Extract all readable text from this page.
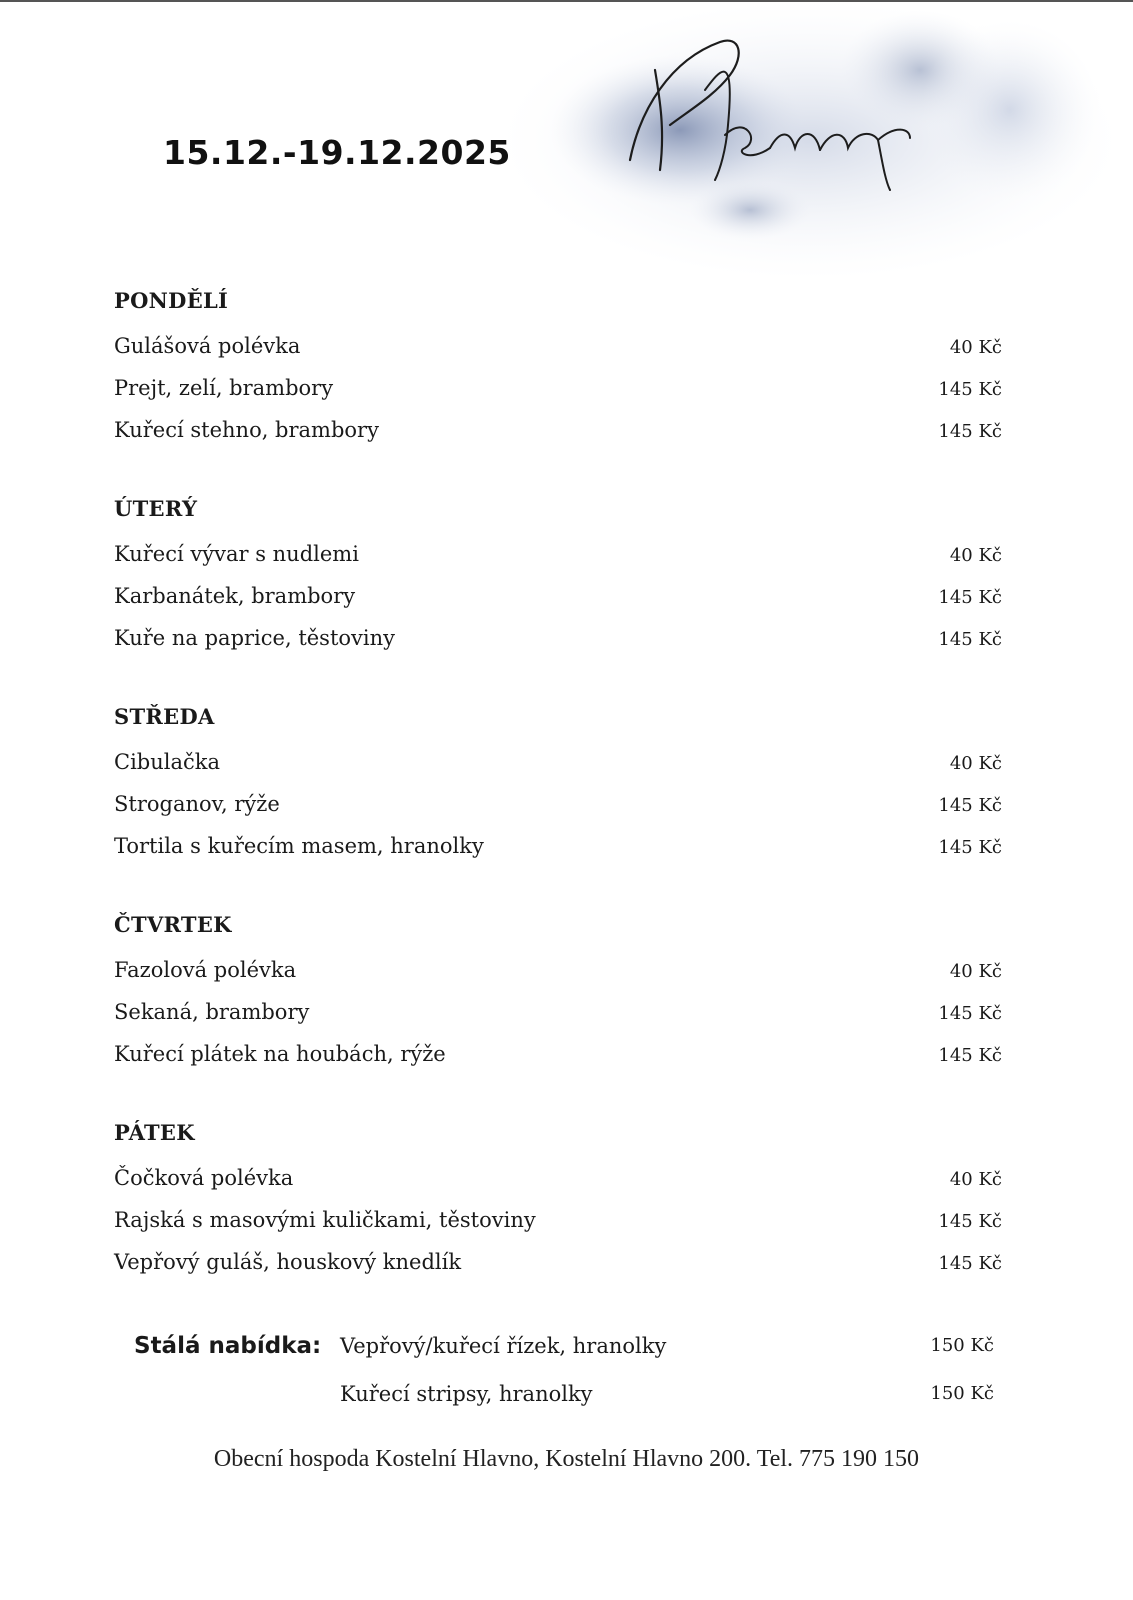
15.12.-19.12.2025
PONDĚLÍ
Gulášová polévka	40 Kč
Prejt, zelí, brambory	145 Kč
Kuřecí stehno, brambory	145 Kč
ÚTERÝ
Kuřecí vývar s nudlemi	40 Kč
Karbanátek, brambory	145 Kč
Kuře na paprice, těstoviny	145 Kč
STŘEDA
Cibulačka	40 Kč
Stroganov, rýže	145 Kč
Tortila s kuřecím masem, hranolky	145 Kč
ČTVRTEK
Fazolová polévka	40 Kč
Sekaná, brambory	145 Kč
Kuřecí plátek na houbách, rýže	145 Kč
PÁTEK
Čočková polévka	40 Kč
Rajská s masovými kuličkami, těstoviny	145 Kč
Vepřový guláš, houskový knedlík	145 Kč
Stálá nabídka: Vepřový/kuřecí řízek, hranolky	150 Kč
Kuřecí stripsy, hranolky	150 Kč
Obecní hospoda Kostelní Hlavno, Kostelní Hlavno 200. Tel. 775 190 150
